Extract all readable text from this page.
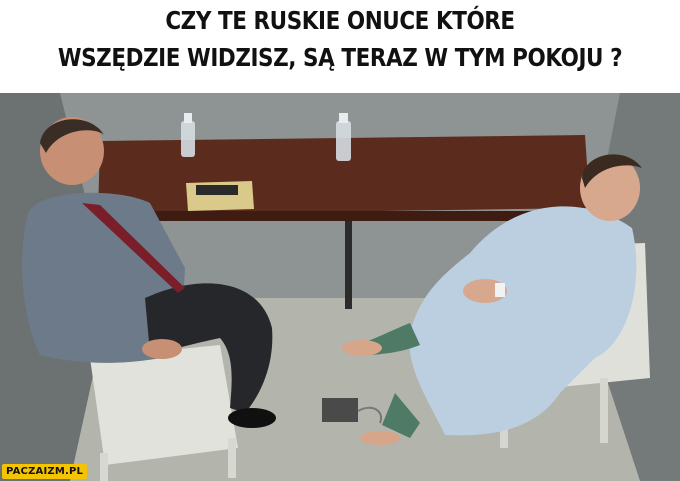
CZY TE RUSKIE ONUCE KTÓRE
WSZĘDZIE WIDZISZ, SĄ TERAZ W TYM POKOJU ?
PACZAIZM.PL
